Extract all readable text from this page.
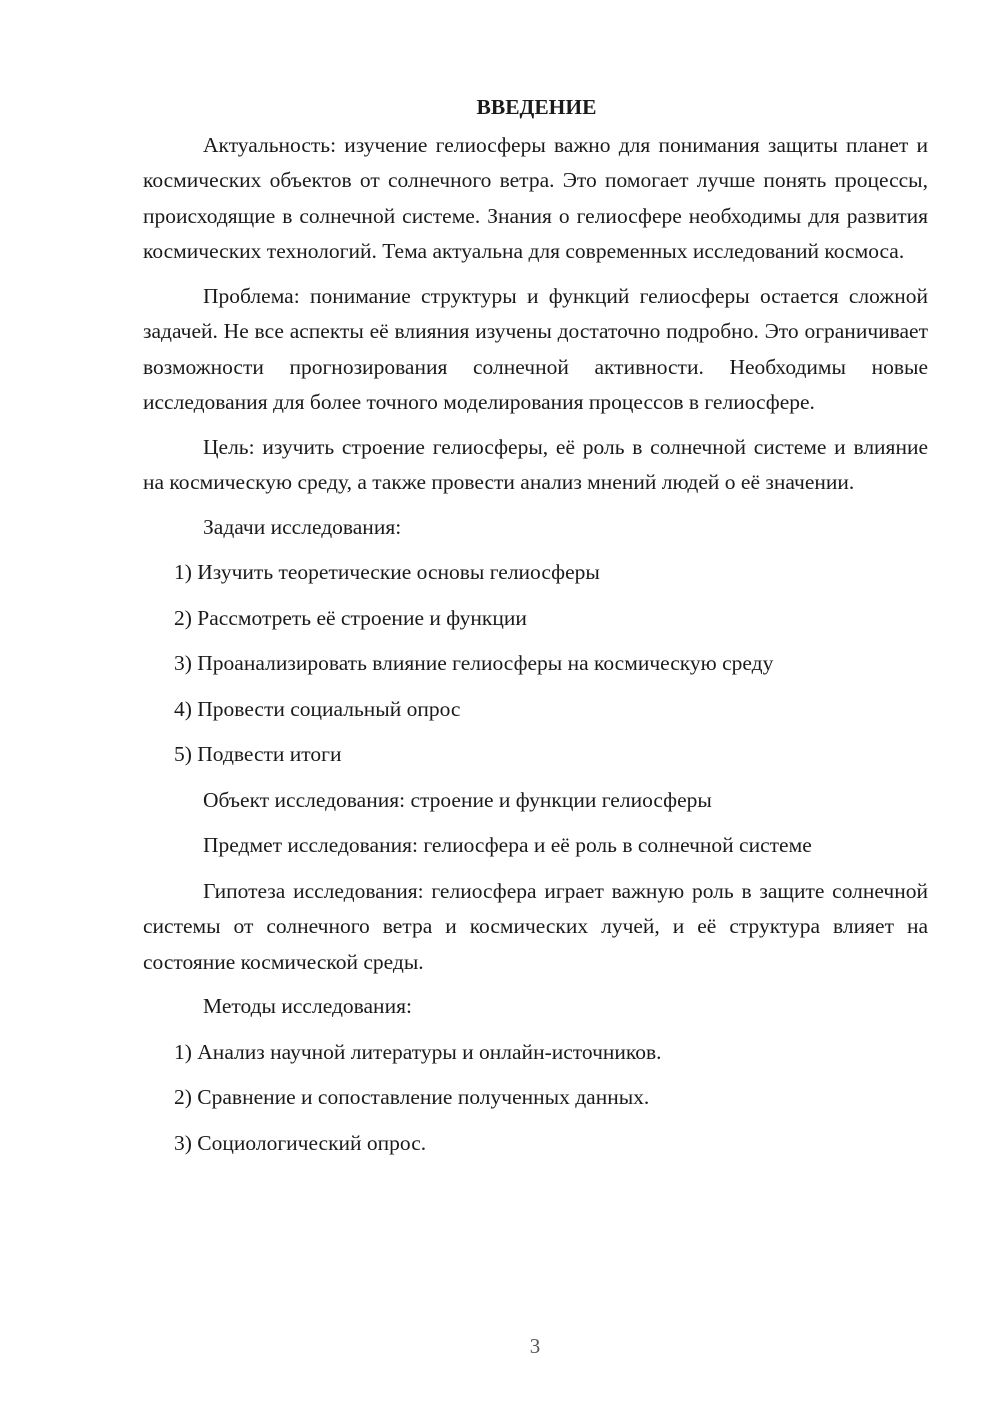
ВВЕДЕНИЕ

Актуальность: изучение гелиосферы важно для понимания защиты планет и космических объектов от солнечного ветра. Это помогает лучше понять процессы, происходящие в солнечной системе. Знания о гелиосфере необходимы для развития космических технологий. Тема актуальна для современных исследований космоса.

Проблема: понимание структуры и функций гелиосферы остается сложной задачей. Не все аспекты её влияния изучены достаточно подробно. Это ограничивает возможности прогнозирования солнечной активности. Необходимы новые исследования для более точного моделирования процессов в гелиосфере.

Цель: изучить строение гелиосферы, её роль в солнечной системе и влияние на космическую среду, а также провести анализ мнений людей о её значении.

Задачи исследования:

1) Изучить теоретические основы гелиосферы

2) Рассмотреть её строение и функции

3) Проанализировать влияние гелиосферы на космическую среду

4) Провести социальный опрос

5) Подвести итоги

Объект исследования: строение и функции гелиосферы

Предмет исследования: гелиосфера и её роль в солнечной системе

Гипотеза исследования: гелиосфера играет важную роль в защите солнечной системы от солнечного ветра и космических лучей, и её структура влияет на состояние космической среды.

Методы исследования:

1) Анализ научной литературы и онлайн-источников.

2) Сравнение и сопоставление полученных данных.

3) Социологический опрос.

3
